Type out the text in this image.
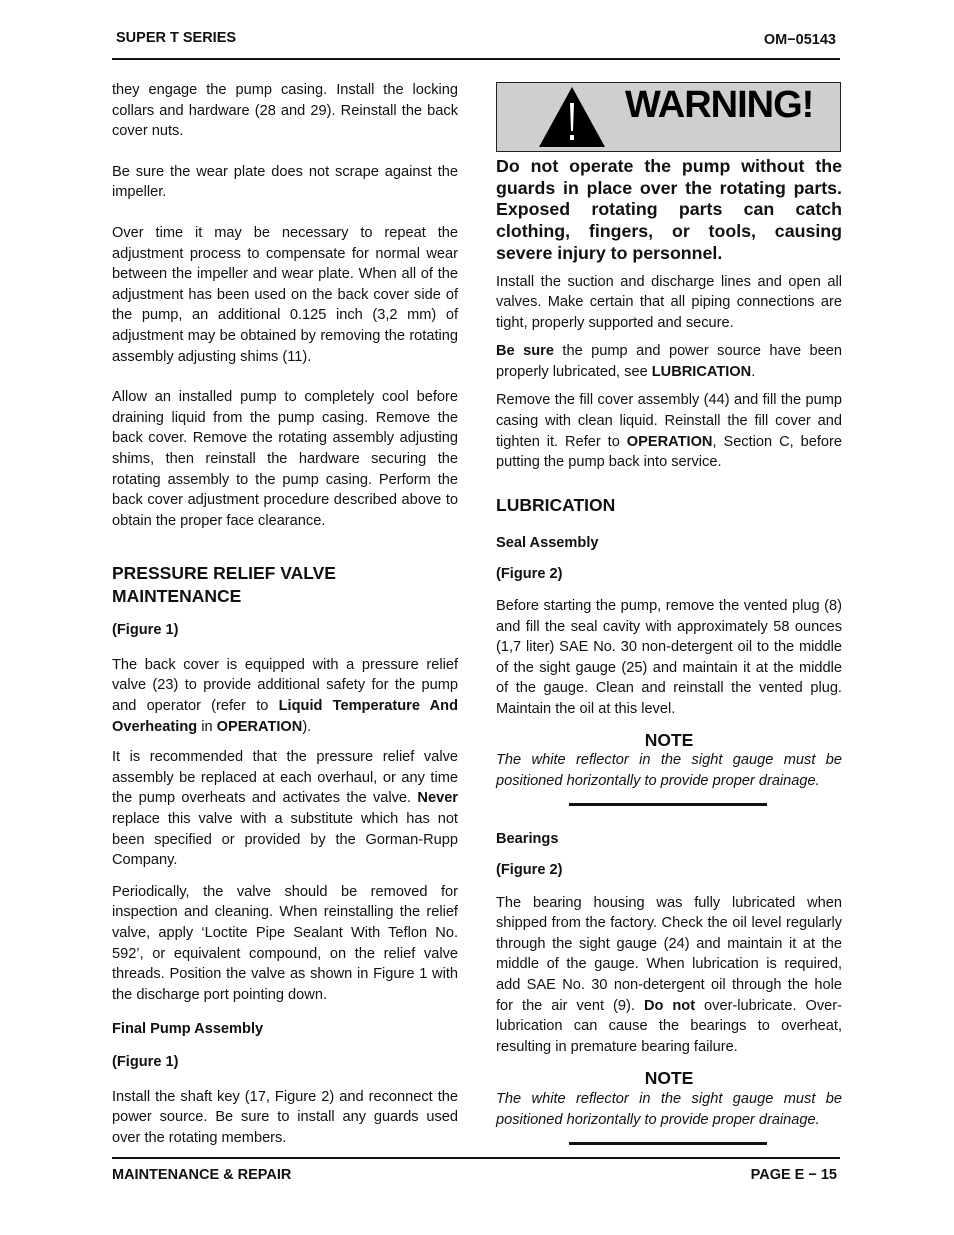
SUPER T SERIES	OM−05143

they engage the pump casing. Install the locking collars and hardware (28 and 29). Reinstall the back cover nuts.

Be sure the wear plate does not scrape against the impeller.

Over time it may be necessary to repeat the adjustment process to compensate for normal wear between the impeller and wear plate. When all of the adjustment has been used on the back cover side of the pump, an additional 0.125 inch (3,2 mm) of adjustment may be obtained by removing the rotating assembly adjusting shims (11).

Allow an installed pump to completely cool before draining liquid from the pump casing. Remove the back cover. Remove the rotating assembly adjusting shims, then reinstall the hardware securing the rotating assembly to the pump casing. Perform the back cover adjustment procedure described above to obtain the proper face clearance.

PRESSURE RELIEF VALVE MAINTENANCE
(Figure 1)

The back cover is equipped with a pressure relief valve (23) to provide additional safety for the pump and operator (refer to Liquid Temperature And Overheating in OPERATION).

It is recommended that the pressure relief valve assembly be replaced at each overhaul, or any time the pump overheats and activates the valve. Never replace this valve with a substitute which has not been specified or provided by the Gorman-Rupp Company.

Periodically, the valve should be removed for inspection and cleaning. When reinstalling the relief valve, apply ‘Loctite Pipe Sealant With Teflon No. 592’, or equivalent compound, on the relief valve threads. Position the valve as shown in Figure 1 with the discharge port pointing down.

Final Pump Assembly
(Figure 1)

Install the shaft key (17, Figure 2) and reconnect the power source. Be sure to install any guards used over the rotating members.

WARNING!

Do not operate the pump without the guards in place over the rotating parts. Exposed rotating parts can catch clothing, fingers, or tools, causing severe injury to personnel.

Install the suction and discharge lines and open all valves. Make certain that all piping connections are tight, properly supported and secure.

Be sure the pump and power source have been properly lubricated, see LUBRICATION.

Remove the fill cover assembly (44) and fill the pump casing with clean liquid. Reinstall the fill cover and tighten it. Refer to OPERATION, Section C, before putting the pump back into service.

LUBRICATION
Seal Assembly
(Figure 2)

Before starting the pump, remove the vented plug (8) and fill the seal cavity with approximately 58 ounces (1,7 liter) SAE No. 30 non-detergent oil to the middle of the sight gauge (25) and maintain it at the middle of the gauge. Clean and reinstall the vented plug. Maintain the oil at this level.

NOTE

The white reflector in the sight gauge must be positioned horizontally to provide proper drainage.

Bearings
(Figure 2)

The bearing housing was fully lubricated when shipped from the factory. Check the oil level regularly through the sight gauge (24) and maintain it at the middle of the gauge. When lubrication is required, add SAE No. 30 non-detergent oil through the hole for the air vent (9). Do not over-lubricate. Over-lubrication can cause the bearings to overheat, resulting in premature bearing failure.

NOTE

The white reflector in the sight gauge must be positioned horizontally to provide proper drainage.

MAINTENANCE & REPAIR	PAGE E − 15
